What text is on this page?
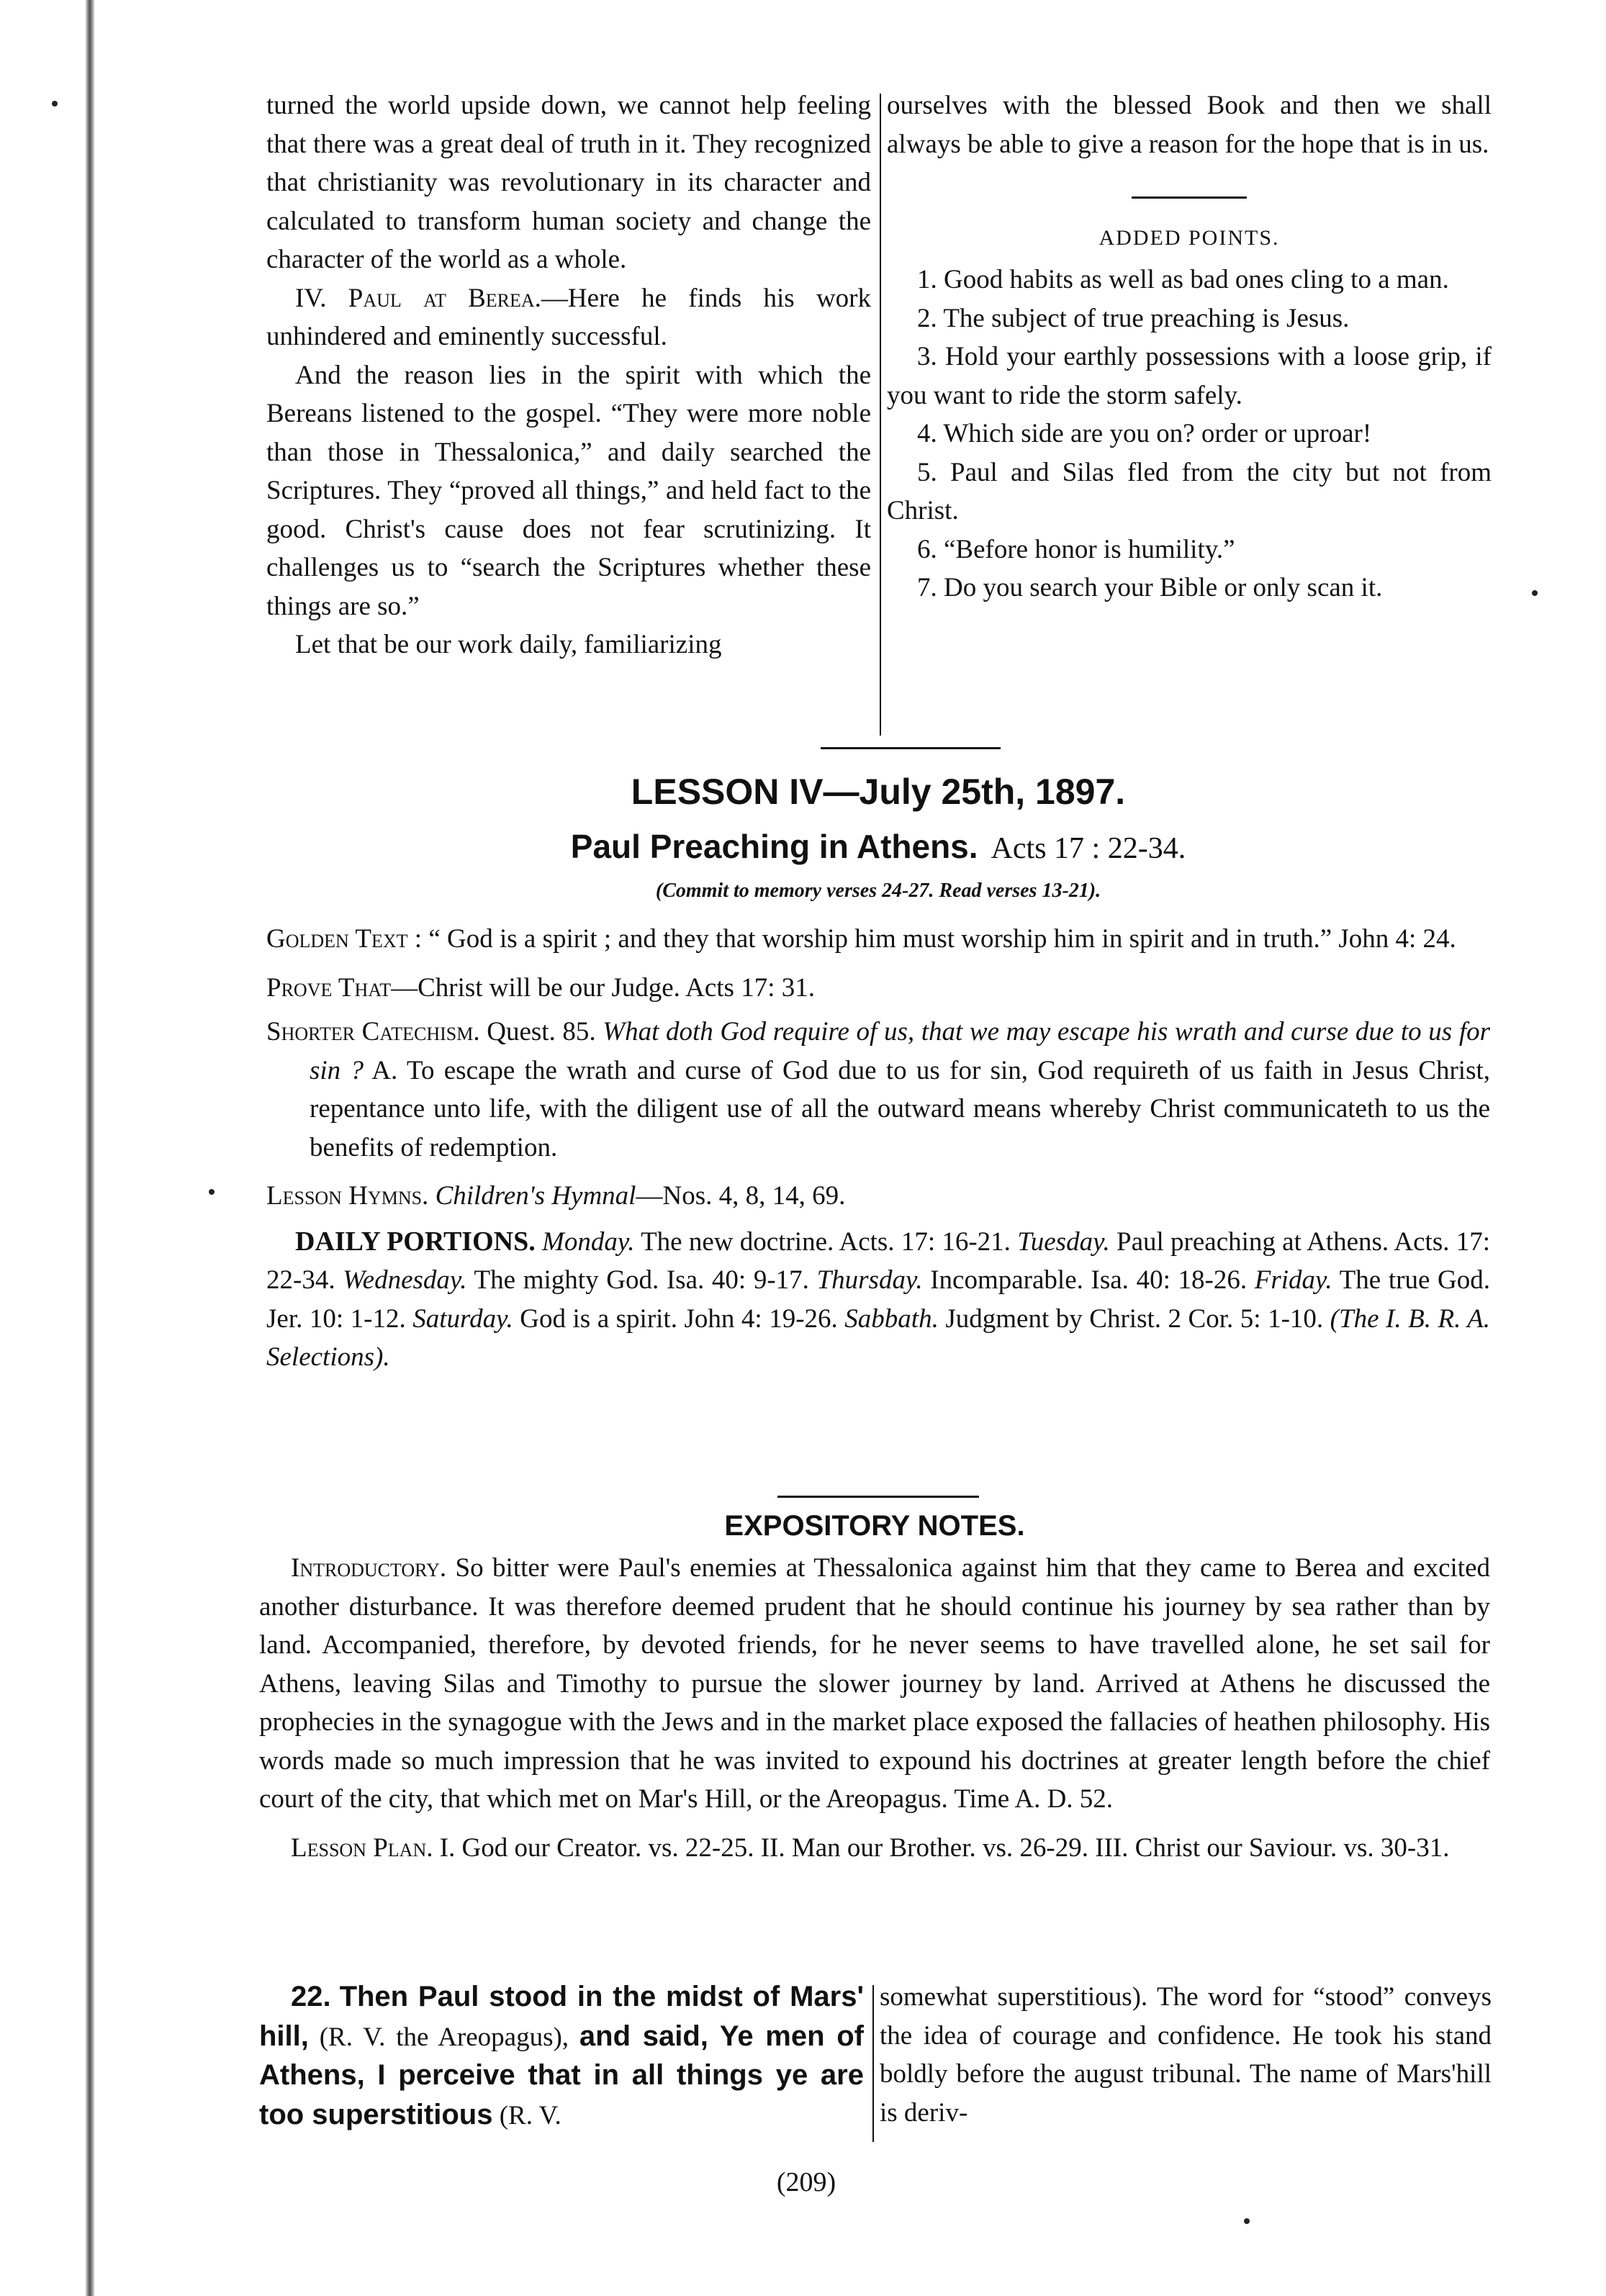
turned the world upside down, we cannot help feeling that there was a great deal of truth in it. They recognized that christianity was revolutionary in its character and calculated to transform human society and change the character of the world as a whole.

IV. Paul at Berea.—Here he finds his work unhindered and eminently successful.

And the reason lies in the spirit with which the Bereans listened to the gospel. “They were more noble than those in Thessalonica,” and daily searched the Scriptures. They “proved all things,” and held fact to the good. Christ's cause does not fear scrutinizing. It challenges us to “search the Scriptures whether these things are so.”

Let that be our work daily, familiarizing

ourselves with the blessed Book and then we shall always be able to give a reason for the hope that is in us.

ADDED POINTS.

1. Good habits as well as bad ones cling to a man.

2. The subject of true preaching is Jesus.

3. Hold your earthly possessions with a loose grip, if you want to ride the storm safely.

4. Which side are you on? order or uproar!

5. Paul and Silas fled from the city but not from Christ.

6. “Before honor is humility.”

7. Do you search your Bible or only scan it.

LESSON IV—July 25th, 1897.
Paul Preaching in Athens. Acts 17 : 22-34.
(Commit to memory verses 24-27. Read verses 13-21).

Golden Text : “ God is a spirit ; and they that worship him must worship him in spirit and in truth.” John 4: 24.

Prove That—Christ will be our Judge. Acts 17: 31.

Shorter Catechism. Quest. 85. What doth God require of us, that we may escape his wrath and curse due to us for sin ? A. To escape the wrath and curse of God due to us for sin, God requireth of us faith in Jesus Christ, repentance unto life, with the diligent use of all the outward means whereby Christ communicateth to us the benefits of redemption.

Lesson Hymns. Children's Hymnal—Nos. 4, 8, 14, 69.

DAILY PORTIONS. Monday. The new doctrine. Acts. 17: 16-21. Tuesday. Paul preaching at Athens. Acts. 17: 22-34. Wednesday. The mighty God. Isa. 40: 9-17. Thursday. Incomparable. Isa. 40: 18-26. Friday. The true God. Jer. 10: 1-12. Saturday. God is a spirit. John 4: 19-26. Sabbath. Judgment by Christ. 2 Cor. 5: 1-10. (The I. B. R. A. Selections).

EXPOSITORY NOTES.

Introductory. So bitter were Paul's enemies at Thessalonica against him that they came to Berea and excited another disturbance. It was therefore deemed prudent that he should continue his journey by sea rather than by land. Accompanied, therefore, by devoted friends, for he never seems to have travelled alone, he set sail for Athens, leaving Silas and Timothy to pursue the slower journey by land. Arrived at Athens he discussed the prophecies in the synagogue with the Jews and in the market place exposed the fallacies of heathen philosophy. His words made so much impression that he was invited to expound his doctrines at greater length before the chief court of the city, that which met on Mar's Hill, or the Areopagus. Time A. D. 52.

Lesson Plan. I. God our Creator. vs. 22-25. II. Man our Brother. vs. 26-29. III. Christ our Saviour. vs. 30-31.

22. Then Paul stood in the midst of Mars' hill, (R. V. the Areopagus), and said, Ye men of Athens, I perceive that in all things ye are too superstitious (R. V.

somewhat superstitious). The word for “stood” conveys the idea of courage and confidence. He took his stand boldly before the august tribunal. The name of Mars'hill is deriv-

(209)
